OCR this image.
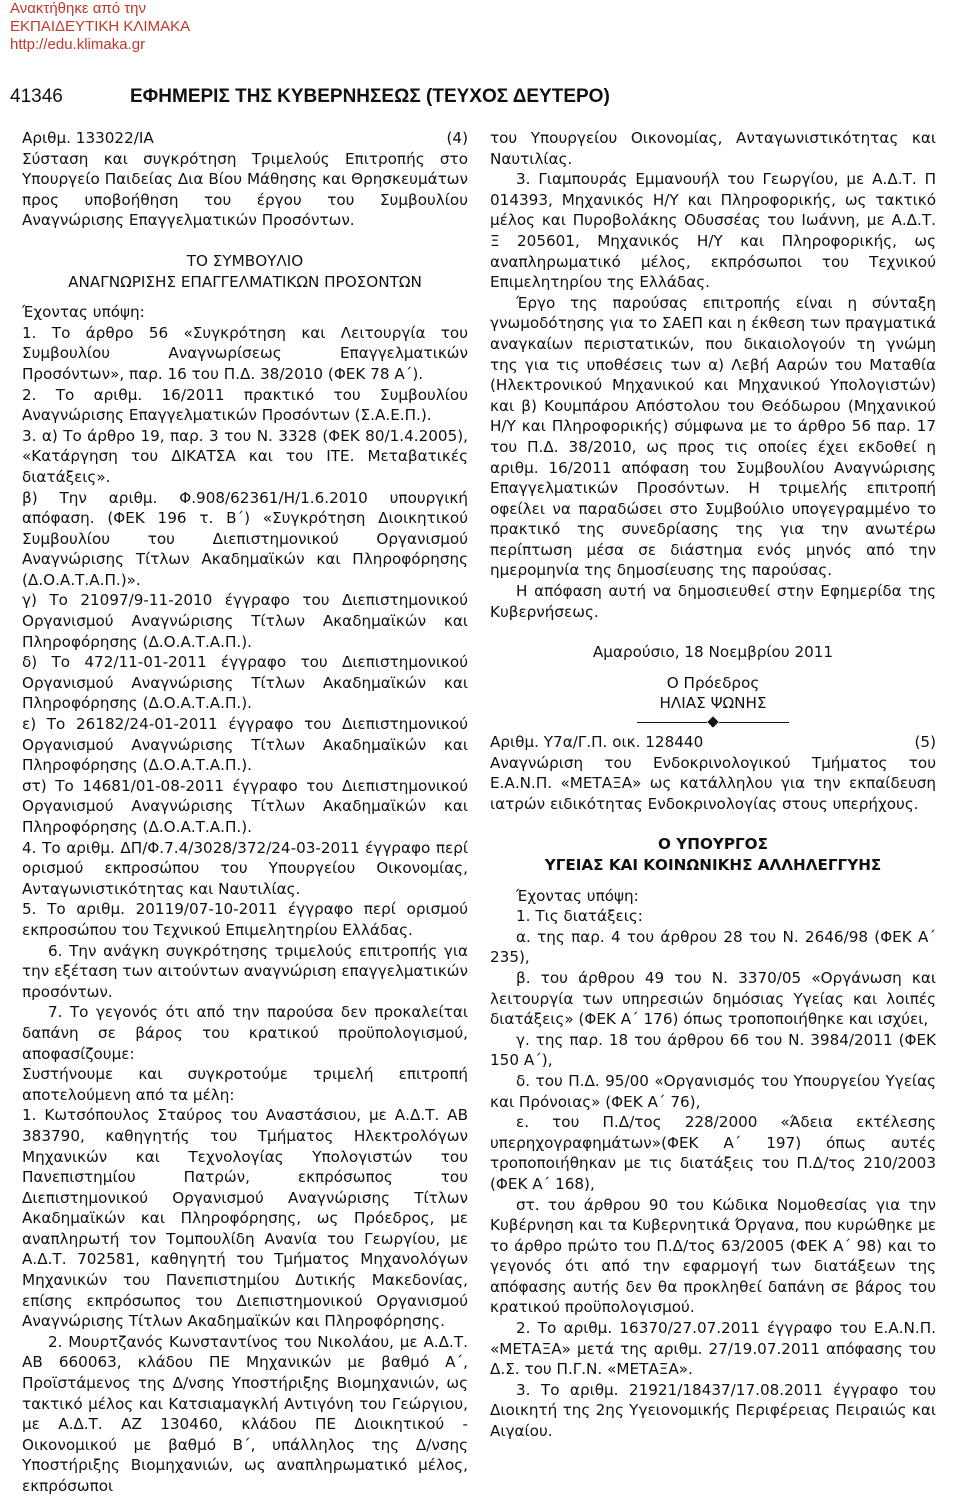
Ανακτήθηκε από την
ΕΚΠΑΙΔΕΥΤΙΚΗ ΚΛΙΜΑΚΑ
http://edu.klimaka.gr
41346	ΕΦΗΜΕΡΙΣ ΤΗΣ ΚΥΒΕΡΝΗΣΕΩΣ (ΤΕΥΧΟΣ ΔΕΥΤΕΡΟ)
Αριθμ. 133022/ΙΑ	(4)
Σύσταση και συγκρότηση Τριμελούς Επιτροπής στο Υπουργείο Παιδείας Δια Βίου Μάθησης και Θρησκευμάτων προς υποβοήθηση του έργου του Συμβουλίου Αναγνώρισης Επαγγελματικών Προσόντων.
ΤΟ ΣΥΜΒΟΥΛΙΟ
ΑΝΑΓΝΩΡΙΣΗΣ ΕΠΑΓΓΕΛΜΑΤΙΚΩΝ ΠΡΟΣΟΝΤΩΝ
Έχοντας υπόψη:
1. Το άρθρο 56 «Συγκρότηση και Λειτουργία του Συμβουλίου Αναγνωρίσεως Επαγγελματικών Προσόντων», παρ. 16 του Π.Δ. 38/2010 (ΦΕΚ 78 Α΄).
2. Το αριθμ. 16/2011 πρακτικό του Συμβουλίου Αναγνώρισης Επαγγελματικών Προσόντων (Σ.Α.Ε.Π.).
3. α) Το άρθρο 19, παρ. 3 του Ν. 3328 (ΦΕΚ 80/1.4.2005), «Κατάργηση του ΔΙΚΑΤΣΑ και του ΙΤΕ. Μεταβατικές διατάξεις».
β) Την αριθμ. Φ.908/62361/Η/1.6.2010 υπουργική απόφαση. (ΦΕΚ 196 τ. Β΄) «Συγκρότηση Διοικητικού Συμβουλίου του Διεπιστημονικού Οργανισμού Αναγνώρισης Τίτλων Ακαδημαϊκών και Πληροφόρησης (Δ.Ο.Α.Τ.Α.Π.)».
γ) Το 21097/9-11-2010 έγγραφο του Διεπιστημονικού Οργανισμού Αναγνώρισης Τίτλων Ακαδημαϊκών και Πληροφόρησης (Δ.Ο.Α.Τ.Α.Π.).
δ) Το 472/11-01-2011 έγγραφο του Διεπιστημονικού Οργανισμού Αναγνώρισης Τίτλων Ακαδημαϊκών και Πληροφόρησης (Δ.Ο.Α.Τ.Α.Π.).
ε) Το 26182/24-01-2011 έγγραφο του Διεπιστημονικού Οργανισμού Αναγνώρισης Τίτλων Ακαδημαϊκών και Πληροφόρησης (Δ.Ο.Α.Τ.Α.Π.).
στ) Το 14681/01-08-2011 έγγραφο του Διεπιστημονικού Οργανισμού Αναγνώρισης Τίτλων Ακαδημαϊκών και Πληροφόρησης (Δ.Ο.Α.Τ.Α.Π.).
4. Το αριθμ. ΔΠ/Φ.7.4/3028/372/24-03-2011 έγγραφο περί ορισμού εκπροσώπου του Υπουργείου Οικονομίας, Ανταγωνιστικότητας και Ναυτιλίας.
5. Το αριθμ. 20119/07-10-2011 έγγραφο περί ορισμού εκπροσώπου του Τεχνικού Επιμελητηρίου Ελλάδας.
6. Την ανάγκη συγκρότησης τριμελούς επιτροπής για την εξέταση των αιτούντων αναγνώριση επαγγελματικών προσόντων.
7. Το γεγονός ότι από την παρούσα δεν προκαλείται δαπάνη σε βάρος του κρατικού προϋπολογισμού, αποφασίζουμε:
Συστήνουμε και συγκροτούμε τριμελή επιτροπή αποτελούμενη από τα μέλη:
1. Κωτσόπουλος Σταύρος του Αναστάσιου, με Α.Δ.Τ. ΑΒ 383790, καθηγητής του Τμήματος Ηλεκτρολόγων Μηχανικών και Τεχνολογίας Υπολογιστών του Πανεπιστημίου Πατρών, εκπρόσωπος του Διεπιστημονικού Οργανισμού Αναγνώρισης Τίτλων Ακαδημαϊκών και Πληροφόρησης, ως Πρόεδρος, με αναπληρωτή τον Τομπουλίδη Ανανία του Γεωργίου, με Α.Δ.Τ. 702581, καθηγητή του Τμήματος Μηχανολόγων Μηχανικών του Πανεπιστημίου Δυτικής Μακεδονίας, επίσης εκπρόσωπος του Διεπιστημονικού Οργανισμού Αναγνώρισης Τίτλων Ακαδημαϊκών και Πληροφόρησης.
2. Μουρτζανός Κωνσταντίνος του Νικολάου, με Α.Δ.Τ. ΑΒ 660063, κλάδου ΠΕ Μηχανικών με βαθμό Α΄, Προϊστάμενος της Δ/νσης Υποστήριξης Βιομηχανιών, ως τακτικό μέλος και Κατσιαμαγκλή Αντιγόνη του Γεώργιου, με Α.Δ.Τ. ΑΖ 130460, κλάδου ΠΕ Διοικητικού - Οικονομικού με βαθμό Β΄, υπάλληλος της Δ/νσης Υποστήριξης Βιομηχανιών, ως αναπληρωματικό μέλος, εκπρόσωποι
του Υπουργείου Οικονομίας, Ανταγωνιστικότητας και Ναυτιλίας.
3. Γιαμπουράς Εμμανουήλ του Γεωργίου, με Α.Δ.Τ. Π 014393, Μηχανικός Η/Υ και Πληροφορικής, ως τακτικό μέλος και Πυροβολάκης Οδυσσέας του Ιωάννη, με Α.Δ.Τ. Ξ 205601, Μηχανικός Η/Υ και Πληροφορικής, ως αναπληρωματικό μέλος, εκπρόσωποι του Τεχνικού Επιμελητηρίου της Ελλάδας.
Έργο της παρούσας επιτροπής είναι η σύνταξη γνωμοδότησης για το ΣΑΕΠ και η έκθεση των πραγματικά αναγκαίων περιστατικών, που δικαιολογούν τη γνώμη της για τις υποθέσεις των α) Λεβή Ααρών του Ματαθία (Ηλεκτρονικού Μηχανικού και Μηχανικού Υπολογιστών) και β) Κουμπάρου Απόστολου του Θεόδωρου (Μηχανικού Η/Υ και Πληροφορικής) σύμφωνα με το άρθρο 56 παρ. 17 του Π.Δ. 38/2010, ως προς τις οποίες έχει εκδοθεί η αριθμ. 16/2011 απόφαση του Συμβουλίου Αναγνώρισης Επαγγελματικών Προσόντων. Η τριμελής επιτροπή οφείλει να παραδώσει στο Συμβούλιο υπογεγραμμένο το πρακτικό της συνεδρίασης της για την ανωτέρω περίπτωση μέσα σε διάστημα ενός μηνός από την ημερομηνία της δημοσίευσης της παρούσας.
Η απόφαση αυτή να δημοσιευθεί στην Εφημερίδα της Κυβερνήσεως.
Αμαρούσιο, 18 Νοεμβρίου 2011
Ο Πρόεδρος
ΗΛΙΑΣ ΨΩΝΗΣ
Αριθμ. Υ7α/Γ.Π. οικ. 128440	(5)
Αναγνώριση του Ενδοκρινολογικού Τμήματος του Ε.Α.Ν.Π. «ΜΕΤΑΞΑ» ως κατάλληλου για την εκπαίδευση ιατρών ειδικότητας Ενδοκρινολογίας στους υπερήχους.
Ο ΥΠΟΥΡΓΟΣ
ΥΓΕΙΑΣ ΚΑΙ ΚΟΙΝΩΝΙΚΗΣ ΑΛΛΗΛΕΓΓΥΗΣ
Έχοντας υπόψη:
1. Τις διατάξεις:
α. της παρ. 4 του άρθρου 28 του Ν. 2646/98 (ΦΕΚ Α΄ 235),
β. του άρθρου 49 του Ν. 3370/05 «Οργάνωση και λειτουργία των υπηρεσιών δημόσιας Υγείας και λοιπές διατάξεις» (ΦΕΚ Α΄ 176) όπως τροποποιήθηκε και ισχύει,
γ. της παρ. 18 του άρθρου 66 του Ν. 3984/2011 (ΦΕΚ 150 Α΄),
δ. του Π.Δ. 95/00 «Οργανισμός του Υπουργείου Υγείας και Πρόνοιας» (ΦΕΚ Α΄ 76),
ε. του Π.Δ/τος 228/2000 «Άδεια εκτέλεσης υπερηχογραφημάτων»(ΦΕΚ Α΄ 197) όπως αυτές τροποποιήθηκαν με τις διατάξεις του Π.Δ/τος 210/2003 (ΦΕΚ Α΄ 168),
στ. του άρθρου 90 του Κώδικα Νομοθεσίας για την Κυβέρνηση και τα Κυβερνητικά Όργανα, που κυρώθηκε με το άρθρο πρώτο του Π.Δ/τος 63/2005 (ΦΕΚ Α΄ 98) και το γεγονός ότι από την εφαρμογή των διατάξεων της απόφασης αυτής δεν θα προκληθεί δαπάνη σε βάρος του κρατικού προϋπολογισμού.
2. Το αριθμ. 16370/27.07.2011 έγγραφο του Ε.Α.Ν.Π. «ΜΕΤΑΞΑ» μετά της αριθμ. 27/19.07.2011 απόφασης του Δ.Σ. του Π.Γ.Ν. «ΜΕΤΑΞΑ».
3. Το αριθμ. 21921/18437/17.08.2011 έγγραφο του Διοικητή της 2ης Υγειονομικής Περιφέρειας Πειραιώς και Αιγαίου.
